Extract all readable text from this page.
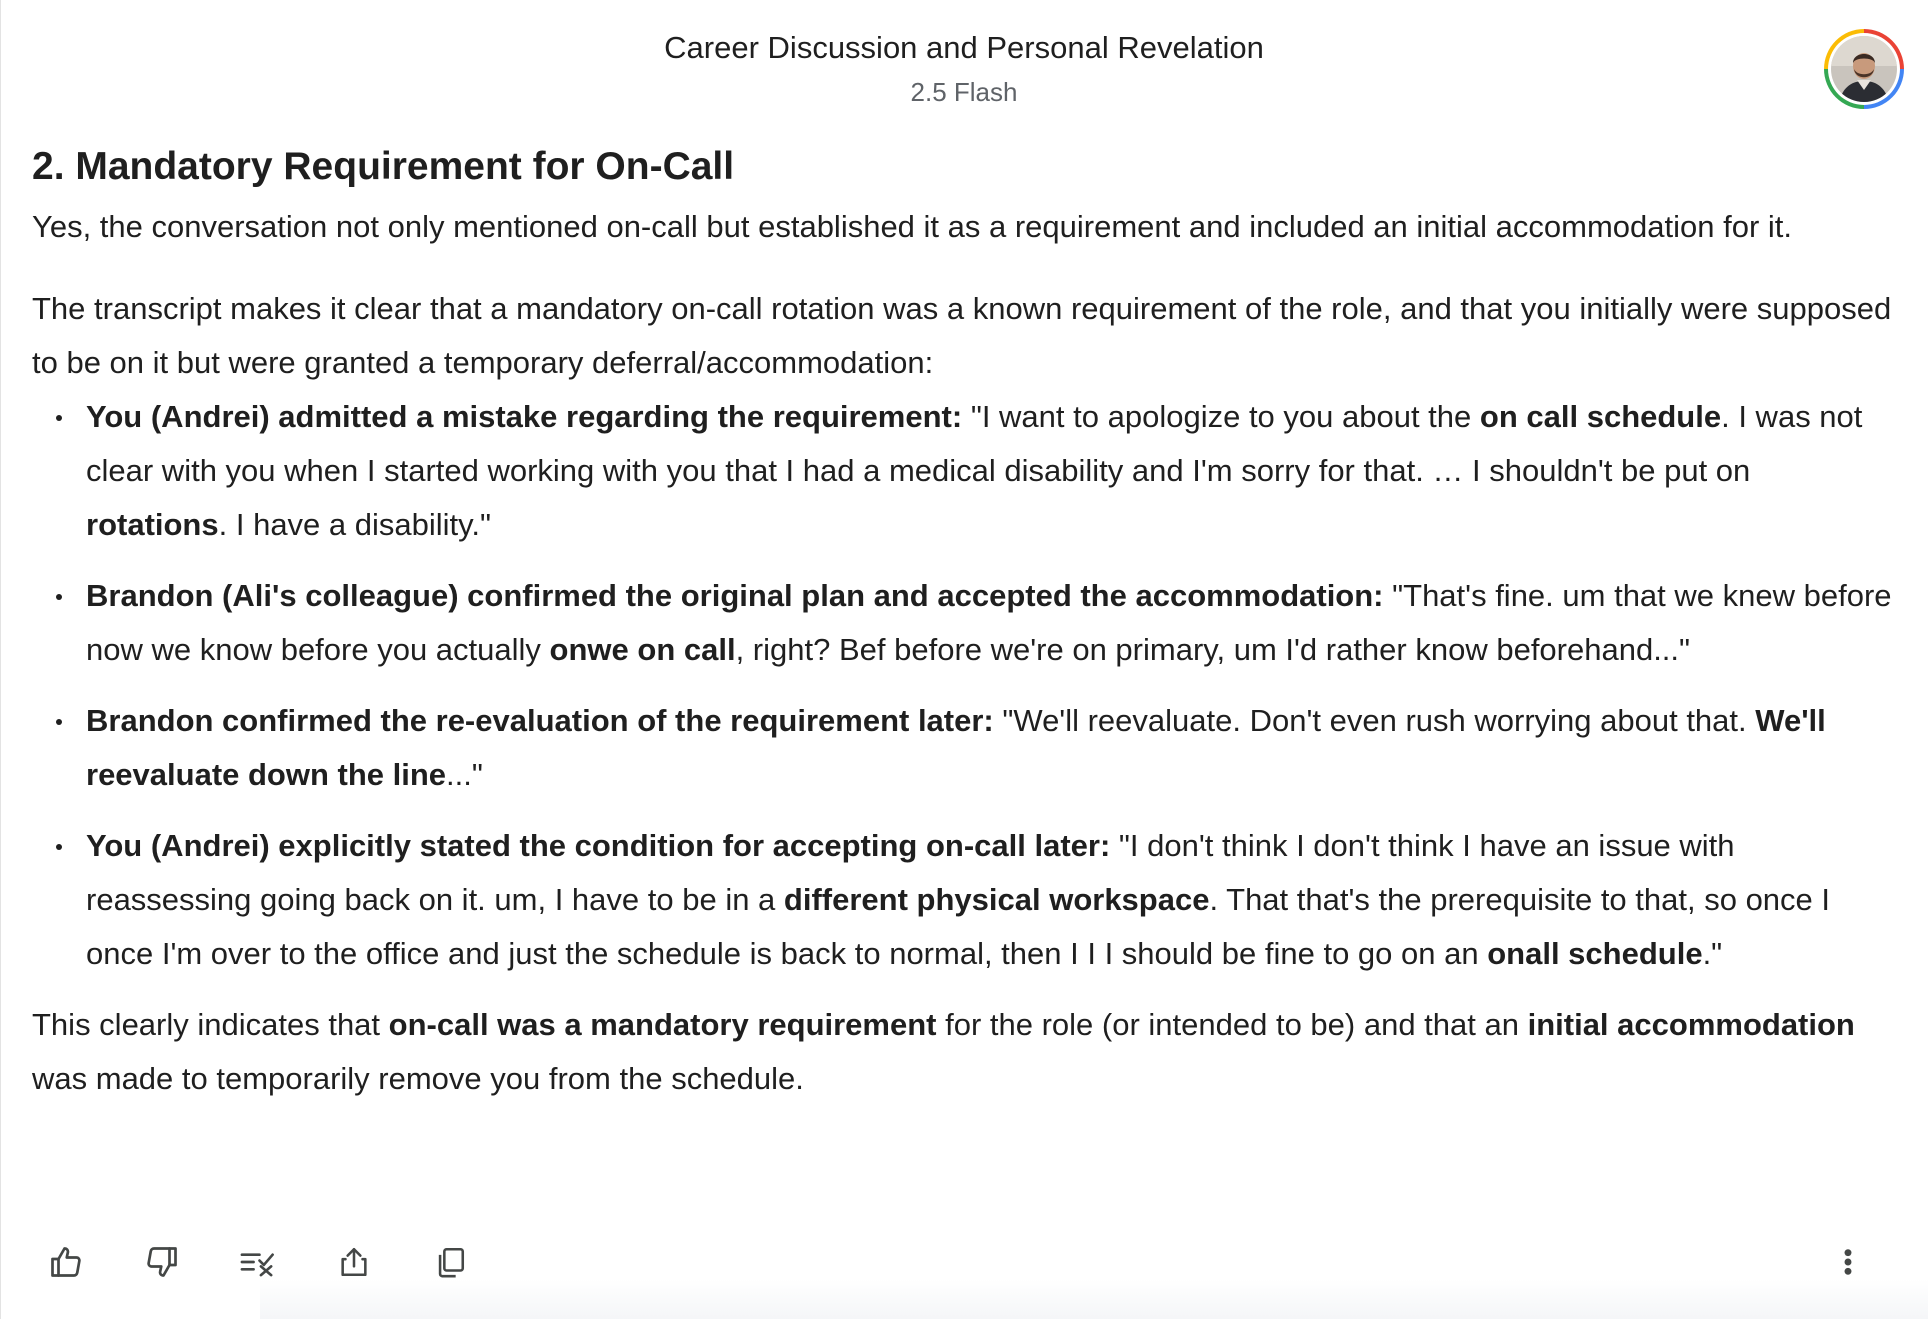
Career Discussion and Personal Revelation
2.5 Flash
2. Mandatory Requirement for On-Call

Yes, the conversation not only mentioned on-call but established it as a requirement and included an initial accommodation for it.

The transcript makes it clear that a mandatory on-call rotation was a known requirement of the role, and that you initially were supposed to be on it but were granted a temporary deferral/accommodation:

You (Andrei) admitted a mistake regarding the requirement: "I want to apologize to you about the on call schedule. I was not clear with you when I started working with you that I had a medical disability and I'm sorry for that. … I shouldn't be put on rotations. I have a disability."
Brandon (Ali's colleague) confirmed the original plan and accepted the accommodation: "That's fine. um that we knew before now we know before you actually onwe on call, right? Bef before we're on primary, um I'd rather know beforehand..."
Brandon confirmed the re-evaluation of the requirement later: "We'll reevaluate. Don't even rush worrying about that. We'll reevaluate down the line..."
You (Andrei) explicitly stated the condition for accepting on-call later: "I don't think I don't think I have an issue with reassessing going back on it. um, I have to be in a different physical workspace. That that's the prerequisite to that, so once I once I'm over to the office and just the schedule is back to normal, then I I I should be fine to go on an onall schedule."

This clearly indicates that on-call was a mandatory requirement for the role (or intended to be) and that an initial accommodation was made to temporarily remove you from the schedule.
